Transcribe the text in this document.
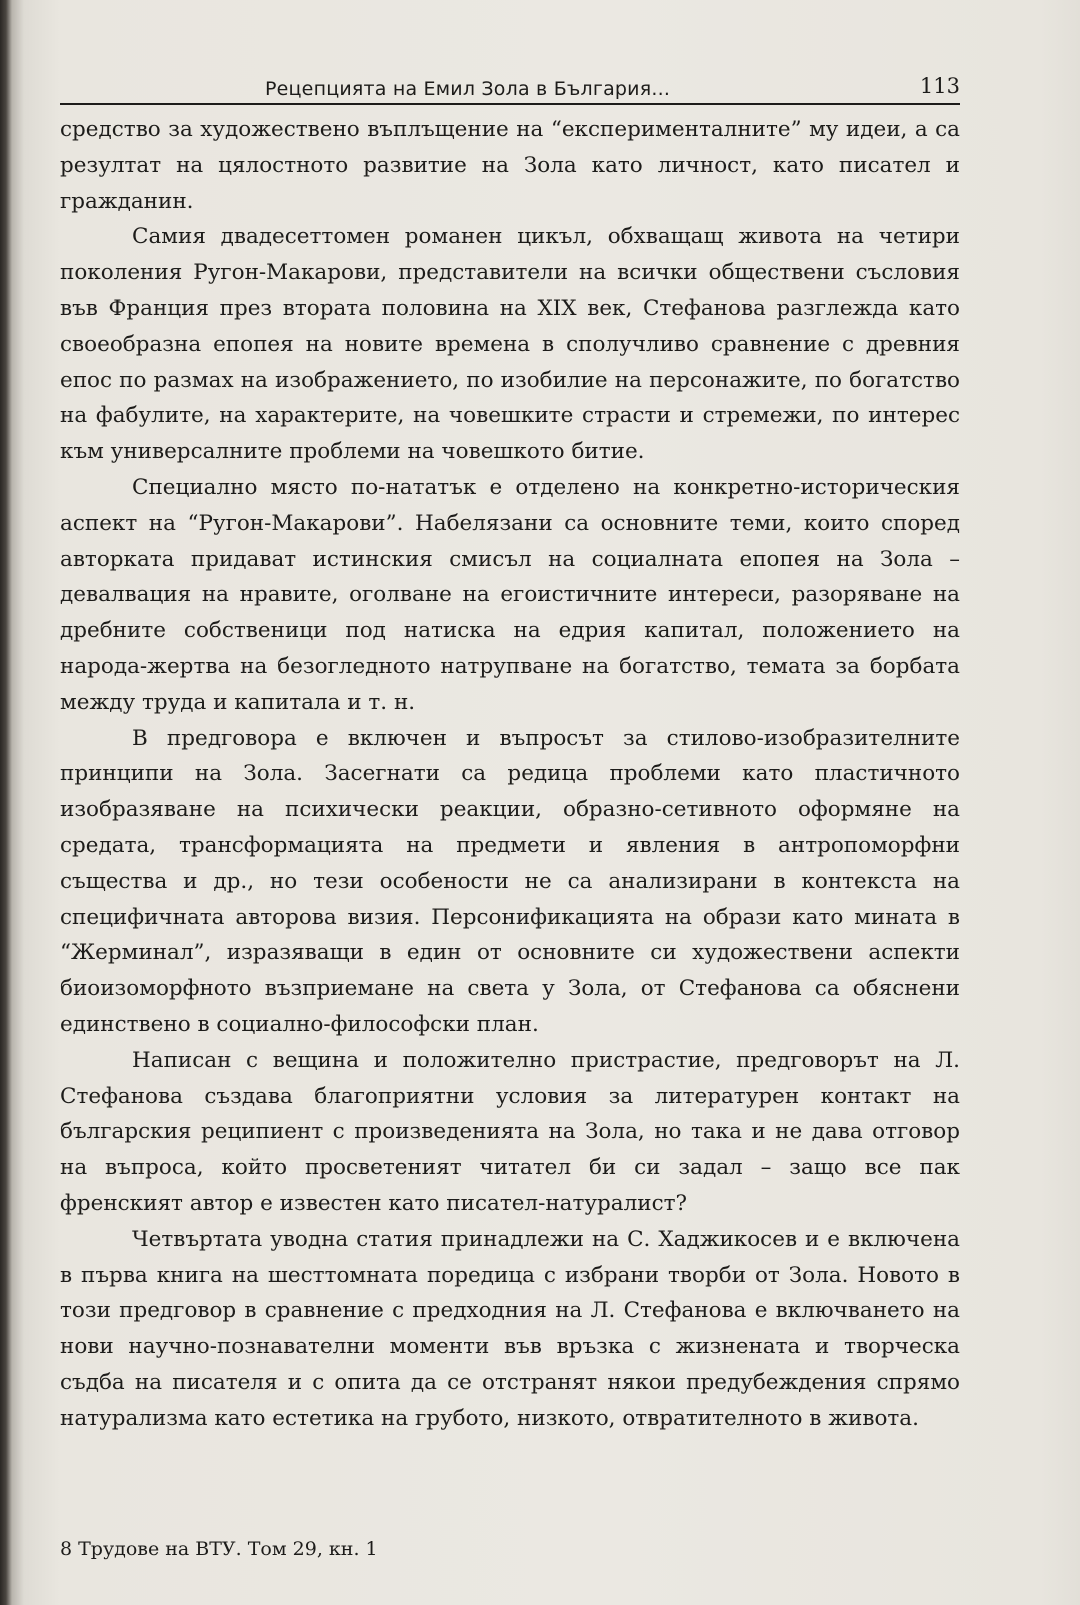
Рецепцията на Емил Зола в България...	113

средство за художествено въплъщение на “експерименталните” му идеи, а са резултат на цялостното развитие на Зола като личност, като писател и гражданин.

Самия двадесеттомен романен цикъл, обхващащ живота на четири поколения Ругон-Макарови, представители на всички обществени съсловия във Франция през втората половина на XIX век, Стефанова разглежда като своеобразна епопея на новите времена в сполучливо сравнение с древния епос по размах на изображението, по изобилие на персонажите, по богатство на фабулите, на характерите, на човешките страсти и стремежи, по интерес към универсалните проблеми на човешкото битие.

Специално място по-нататък е отделено на конкретно-историческия аспект на “Ругон-Макарови”. Набелязани са основните теми, които според авторката придават истинския смисъл на социалната епопея на Зола – девалвация на нравите, оголване на егоистичните интереси, разоряване на дребните собственици под натиска на едрия капитал, положението на народа-жертва на безогледното натрупване на богатство, темата за борбата между труда и капитала и т. н.

В предговора е включен и въпросът за стилово-изобразителните принципи на Зола. Засегнати са редица проблеми като пластичното изобразяване на психически реакции, образно-сетивното оформяне на средата, трансформацията на предмети и явления в антропоморфни същества и др., но тези особености не са анализирани в контекста на специфичната авторова визия. Персонификацията на образи като мината в “Жерминал”, изразяващи в един от основните си художествени аспекти биоизоморфното възприемане на света у Зола, от Стефанова са обяснени единствено в социално-философски план.

Написан с вещина и положително пристрастие, предговорът на Л. Стефанова създава благоприятни условия за литературен контакт на българския реципиент с произведенията на Зола, но така и не дава отговор на въпроса, който просветеният читател би си задал – защо все пак френският автор е известен като писател-натуралист?

Четвъртата уводна статия принадлежи на С. Хаджикосев и е включена в първа книга на шесттомната поредица с избрани творби от Зола. Новото в този предговор в сравнение с предходния на Л. Стефанова е включването на нови научно-познавателни моменти във връзка с жизнената и творческа съдба на писателя и с опита да се отстранят някои предубеждения спрямо натурализма като естетика на грубото, низкото, отвратителното в живота.

8 Трудове на ВТУ. Том 29, кн. 1
